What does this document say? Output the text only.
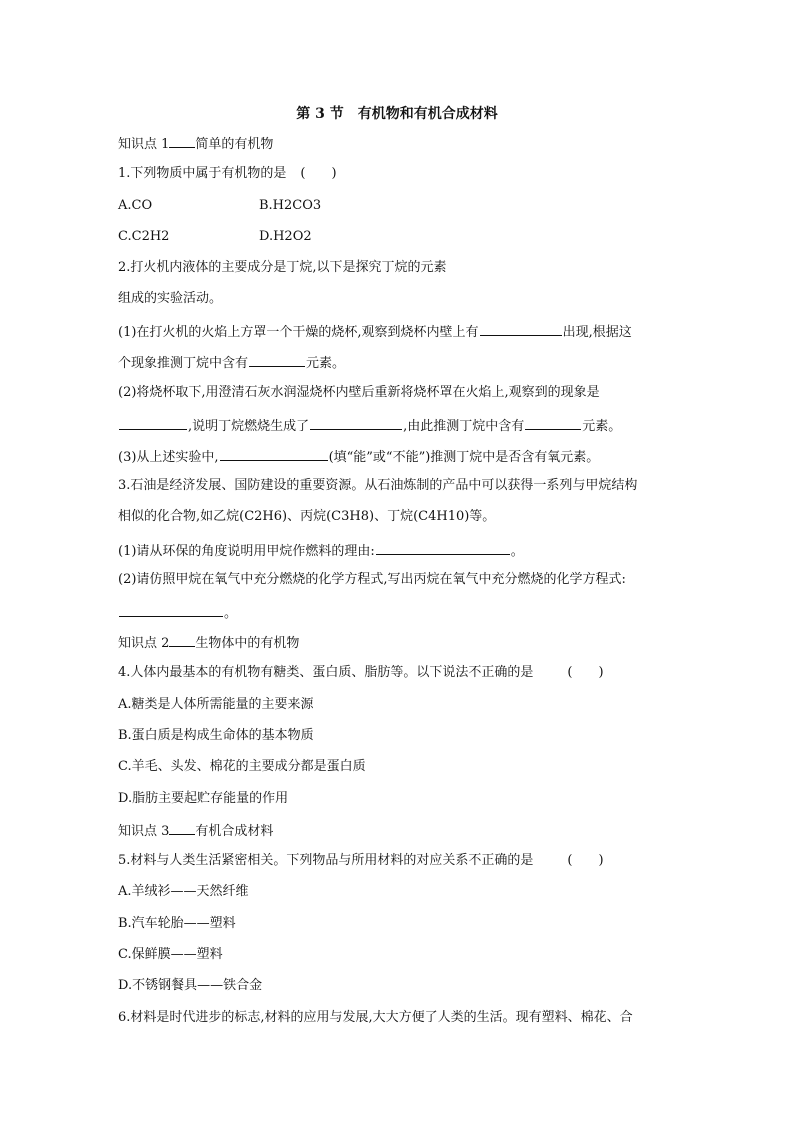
第 3 节　有机物和有机合成材料
知识点 1 简单的有机物
1.下列物质中属于有机物的是 (　　)
A.CO	B.H2CO3
C.C2H2	D.H2O2
2.打火机内液体的主要成分是丁烷,以下是探究丁烷的元素
组成的实验活动。
(1)在打火机的火焰上方罩一个干燥的烧杯,观察到烧杯内壁上有	出现,根据这
个现象推测丁烷中含有	元素。
(2)将烧杯取下,用澄清石灰水润湿烧杯内壁后重新将烧杯罩在火焰上,观察到的现象是
,说明丁烷燃烧生成了	,由此推测丁烷中含有	元素。
(3)从上述实验中,	(填“能”或“不能”)推测丁烷中是否含有氧元素。
3.石油是经济发展、国防建设的重要资源。从石油炼制的产品中可以获得一系列与甲烷结构
相似的化合物,如乙烷(C2H6)、丙烷(C3H8)、丁烷(C4H10)等。
(1)请从环保的角度说明用甲烷作燃料的理由:	。
(2)请仿照甲烷在氧气中充分燃烧的化学方程式,写出丙烷在氧气中充分燃烧的化学方程式:
。
知识点 2 生物体中的有机物
4.人体内最基本的有机物有糖类、蛋白质、脂肪等。以下说法不正确的是	(　　)
A.糖类是人体所需能量的主要来源
B.蛋白质是构成生命体的基本物质
C.羊毛、头发、棉花的主要成分都是蛋白质
D.脂肪主要起贮存能量的作用
知识点 3 有机合成材料
5.材料与人类生活紧密相关。下列物品与所用材料的对应关系不正确的是	(　　)
A.羊绒衫——天然纤维
B.汽车轮胎——塑料
C.保鲜膜——塑料
D.不锈钢餐具——铁合金
6.材料是时代进步的标志,材料的应用与发展,大大方便了人类的生活。现有塑料、棉花、合
